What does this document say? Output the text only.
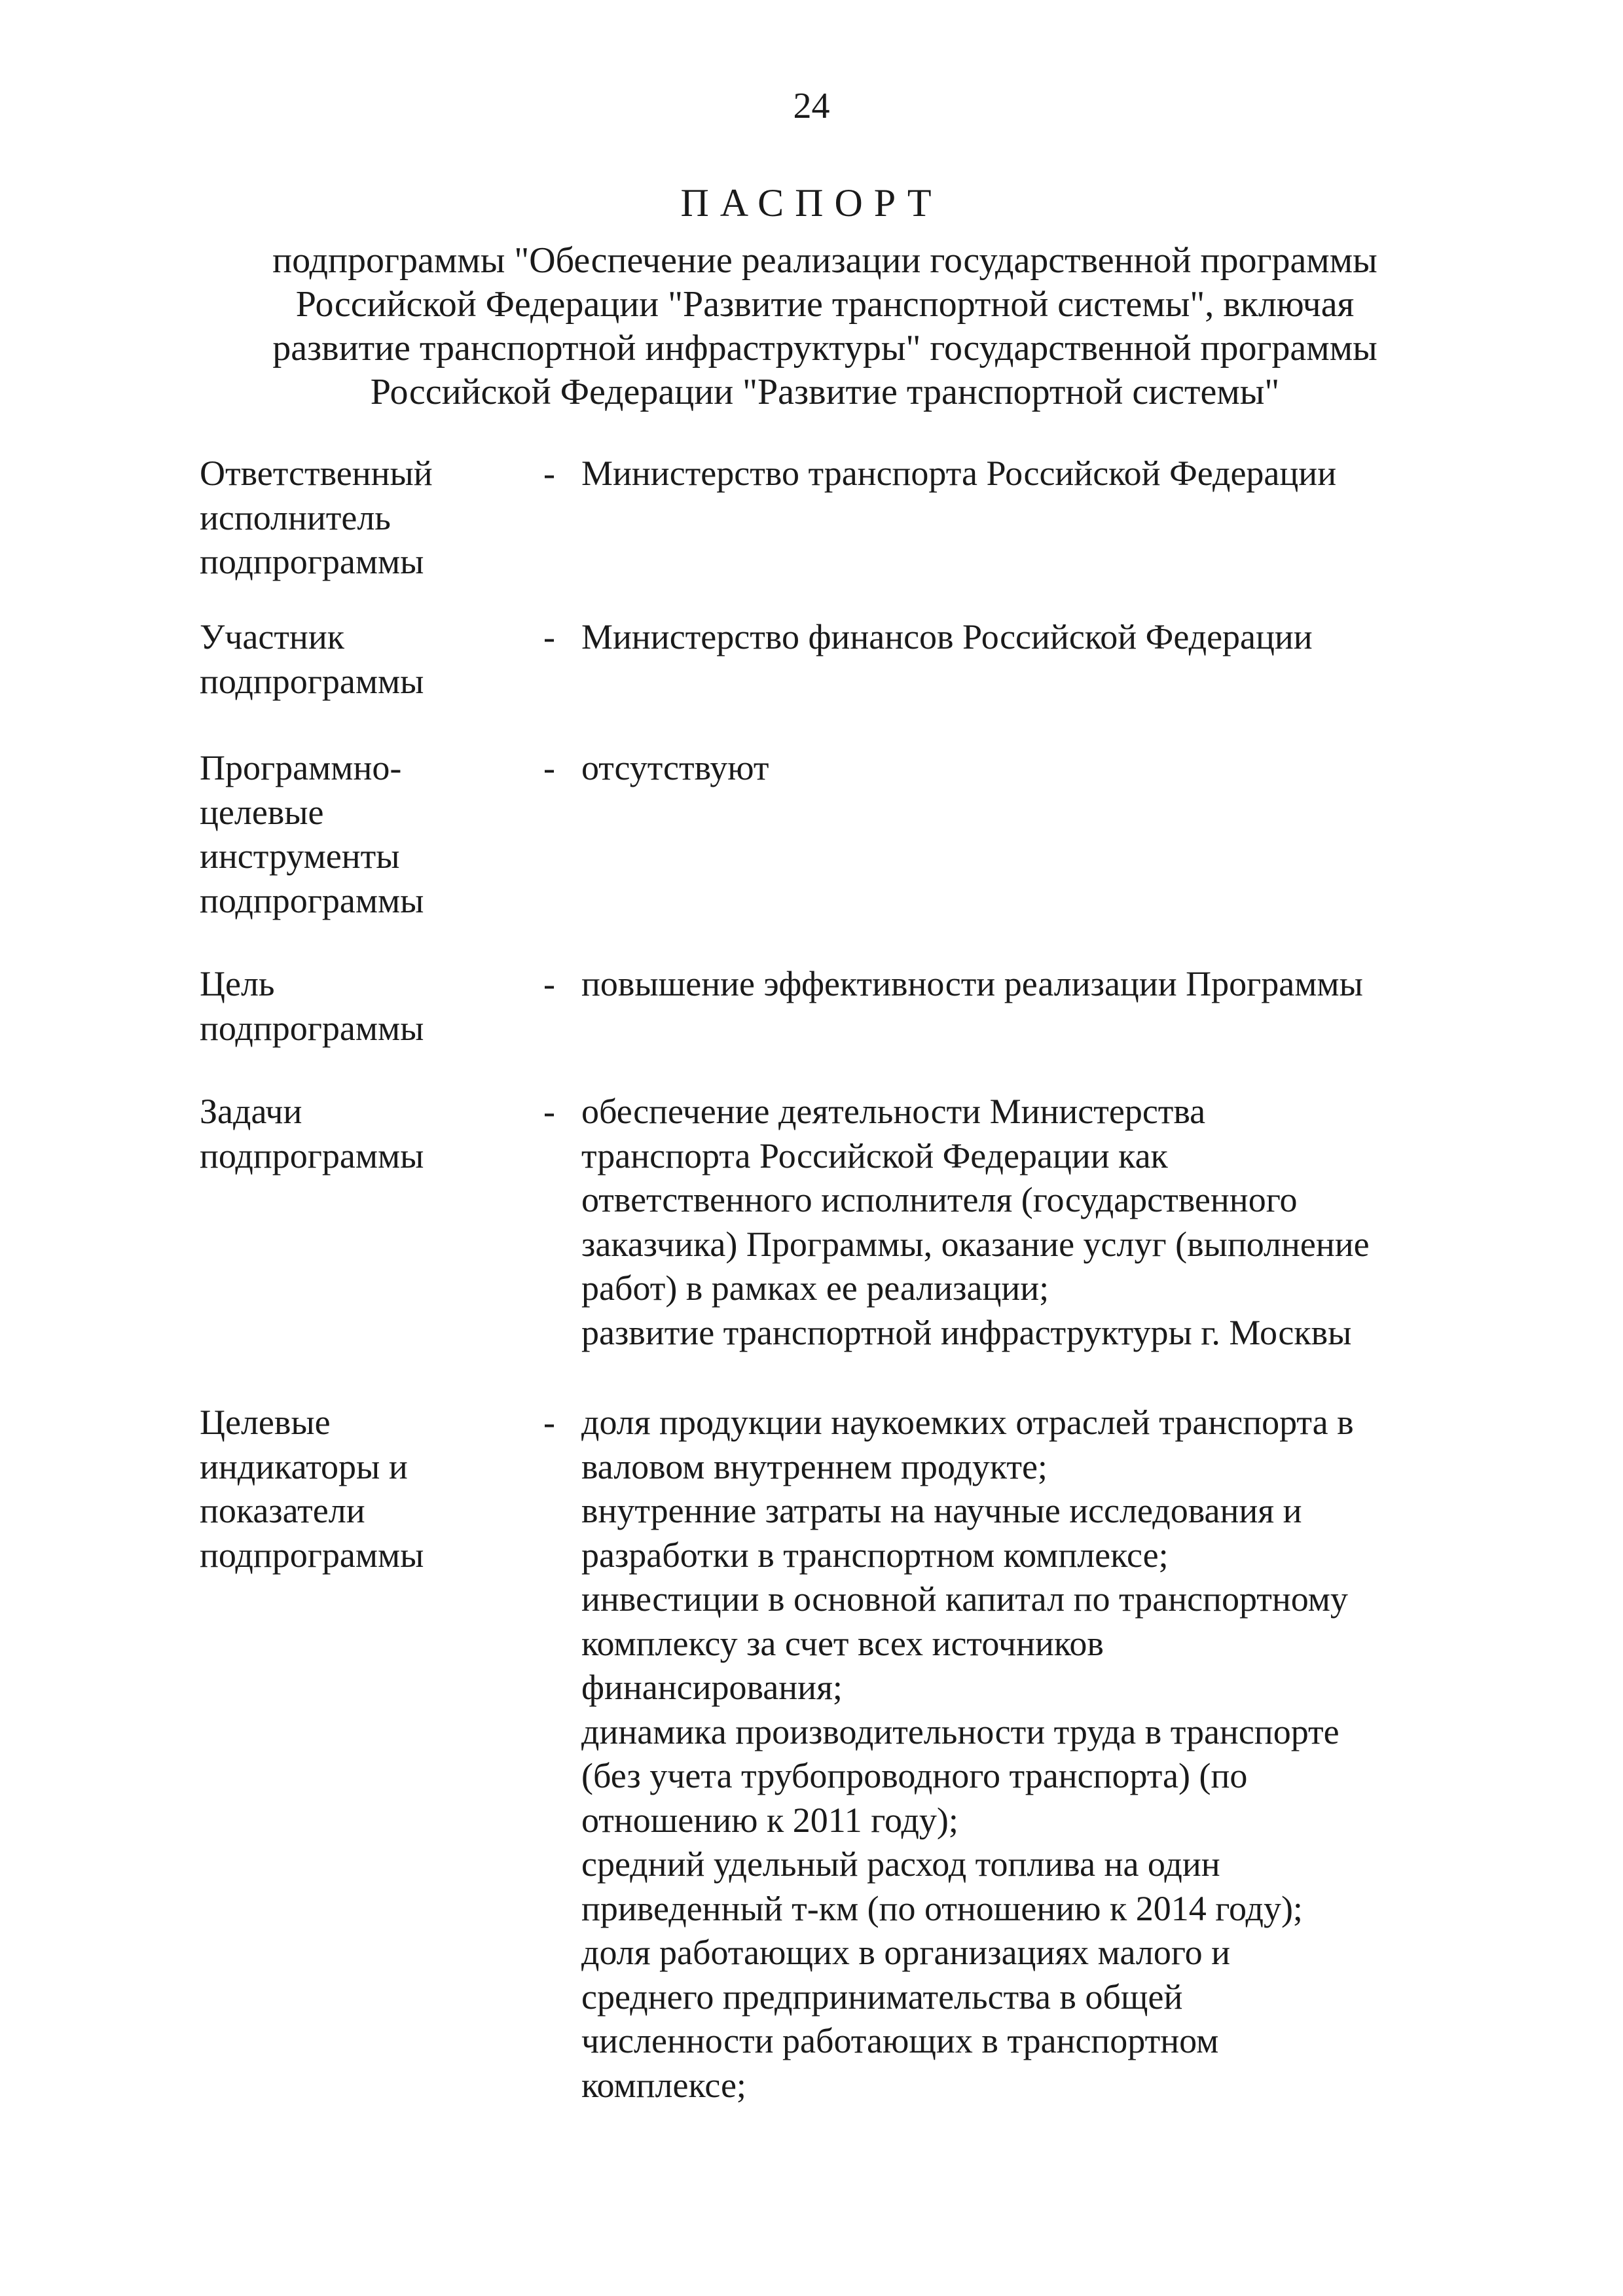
24
ПАСПОРТ
подпрограммы "Обеспечение реализации государственной программы
Российской Федерации "Развитие транспортной системы", включая
развитие транспортной инфраструктуры" государственной программы
Российской Федерации "Развитие транспортной системы"
Ответственный
исполнитель
подпрограммы
- Министерство транспорта Российской Федерации
Участник
подпрограммы
- Министерство финансов Российской Федерации
Программно-
целевые
инструменты
подпрограммы
- отсутствуют
Цель
подпрограммы
- повышение эффективности реализации Программы
Задачи
подпрограммы
- обеспечение деятельности Министерства
транспорта Российской Федерации как
ответственного исполнителя (государственного
заказчика) Программы, оказание услуг (выполнение
работ) в рамках ее реализации;
развитие транспортной инфраструктуры г. Москвы
Целевые
индикаторы и
показатели
подпрограммы
- доля продукции наукоемких отраслей транспорта в
валовом внутреннем продукте;
внутренние затраты на научные исследования и
разработки в транспортном комплексе;
инвестиции в основной капитал по транспортному
комплексу за счет всех источников
финансирования;
динамика производительности труда в транспорте
(без учета трубопроводного транспорта) (по
отношению к 2011 году);
средний удельный расход топлива на один
приведенный т-км (по отношению к 2014 году);
доля работающих в организациях малого и
среднего предпринимательства в общей
численности работающих в транспортном
комплексе;
